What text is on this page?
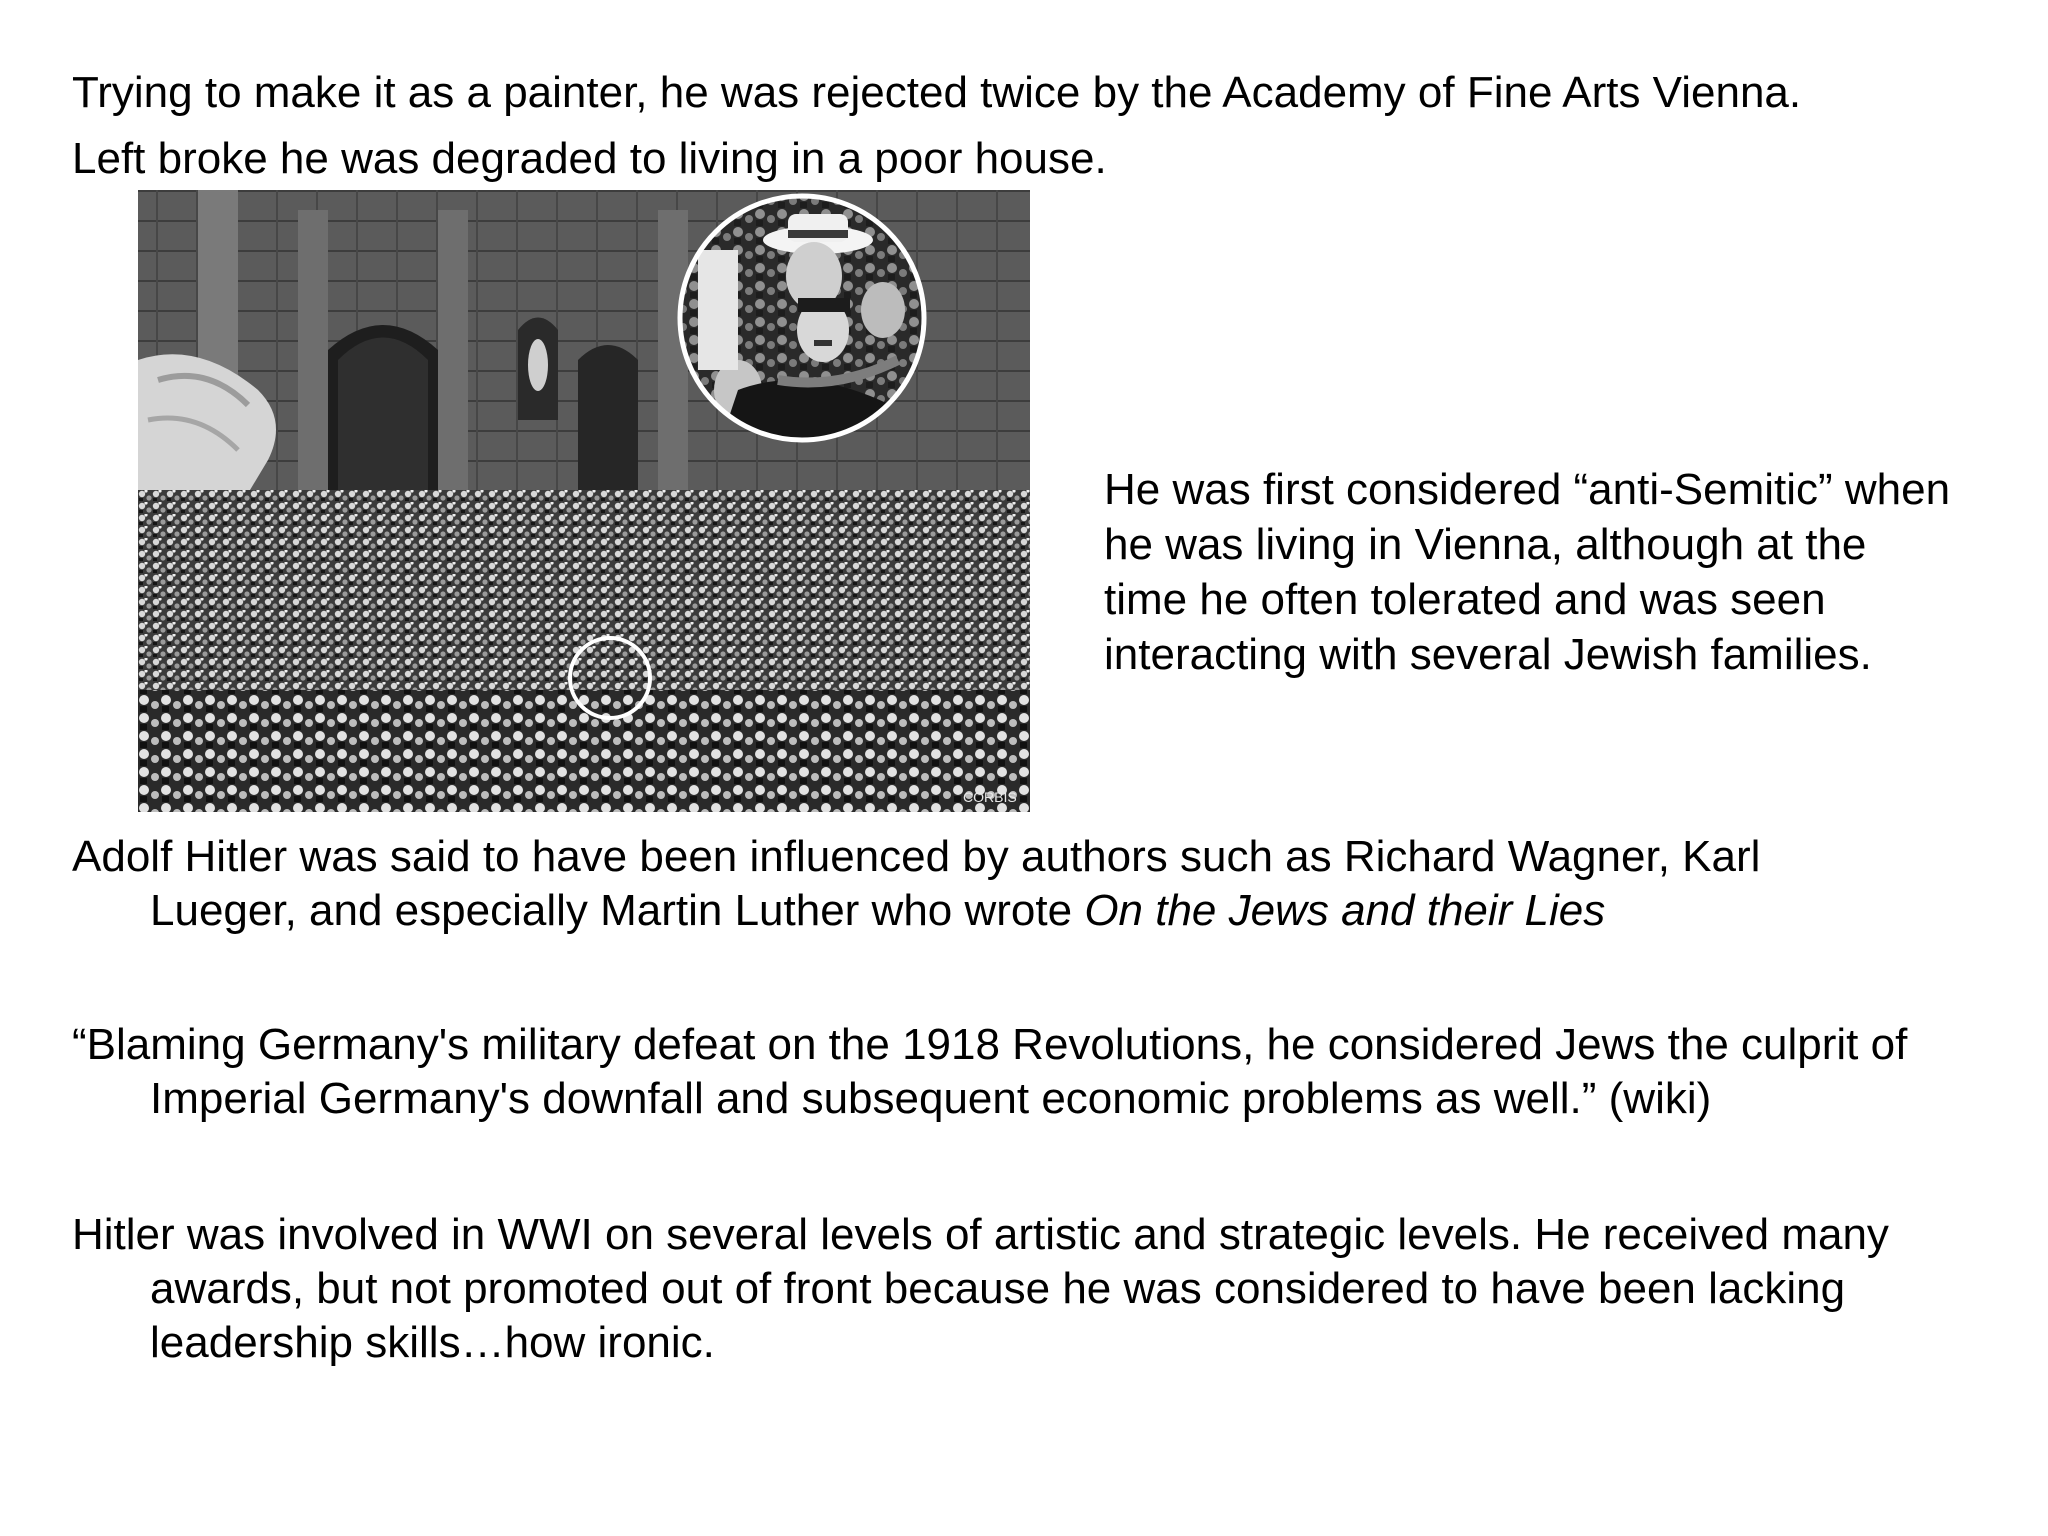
Trying to make it as a painter, he was rejected twice by the Academy of Fine Arts Vienna.
Left broke he was degraded to living in a poor house.
CORBIS
He was first considered “anti-Semitic” when
he was living in Vienna, although at the
time he often tolerated and was seen
interacting with several Jewish families.
Adolf Hitler was said to have been influenced by authors such as Richard Wagner, Karl
Lueger, and especially Martin Luther who wrote On the Jews and their Lies
“Blaming Germany's military defeat on the 1918 Revolutions, he considered Jews the culprit of
Imperial Germany's downfall and subsequent economic problems as well.” (wiki)
Hitler was involved in WWI on several levels of artistic and strategic levels. He received many
awards, but not promoted out of front because he was considered to have been lacking
leadership skills…how ironic.
